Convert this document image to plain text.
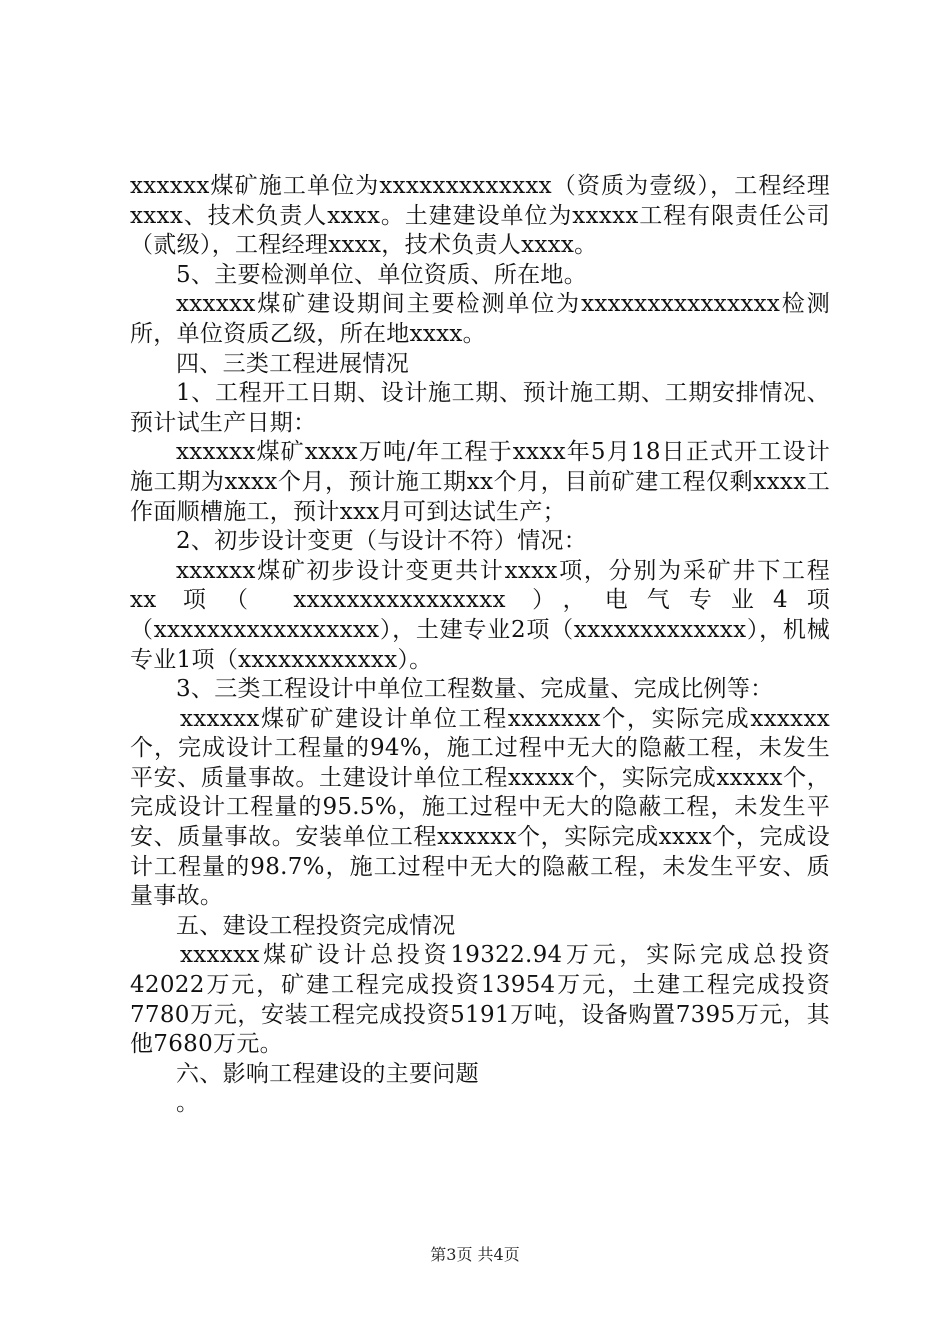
xxxxxx煤矿施工单位为xxxxxxxxxxxxx（资质为壹级），工程经理xxxx、技术负责人xxxx。土建建设单位为xxxxx工程有限责任公司（贰级），工程经理xxxx，技术负责人xxxx。

5、主要检测单位、单位资质、所在地。

xxxxxx煤矿建设期间主要检测单位为xxxxxxxxxxxxxxx检测所，单位资质乙级，所在地xxxx。

四、三类工程进展情况

1、工程开工日期、设计施工期、预计施工期、工期安排情况、预计试生产日期：

xxxxxx煤矿xxxx万吨/年工程于xxxx年5月18日正式开工设计施工期为xxxx个月，预计施工期xx个月，目前矿建工程仅剩xxxx工作面顺槽施工，预计xxx月可到达试生产；

2、初步设计变更（与设计不符）情况：

xxxxxx煤矿初步设计变更共计xxxx项，分别为采矿井下工程 xx 项（ xxxxxxxxxxxxxxxx ），电气专业4项（xxxxxxxxxxxxxxxxx），土建专业2项（xxxxxxxxxxxxx），机械专业1项（xxxxxxxxxxxx）。

3、三类工程设计中单位工程数量、完成量、完成比例等：

xxxxxx煤矿矿建设计单位工程xxxxxxx个，实际完成xxxxxx个，完成设计工程量的94%，施工过程中无大的隐蔽工程，未发生平安、质量事故。土建设计单位工程xxxxx个，实际完成xxxxx个，完成设计工程量的95.5%，施工过程中无大的隐蔽工程，未发生平安、质量事故。安装单位工程xxxxxx个，实际完成xxxx个，完成设计工程量的98.7%，施工过程中无大的隐蔽工程，未发生平安、质量事故。

五、建设工程投资完成情况

xxxxxx煤矿设计总投资19322.94万元，实际完成总投资42022万元，矿建工程完成投资13954万元，土建工程完成投资7780万元，安装工程完成投资5191万吨，设备购置7395万元，其他7680万元。

六、影响工程建设的主要问题

。

第3页 共4页
